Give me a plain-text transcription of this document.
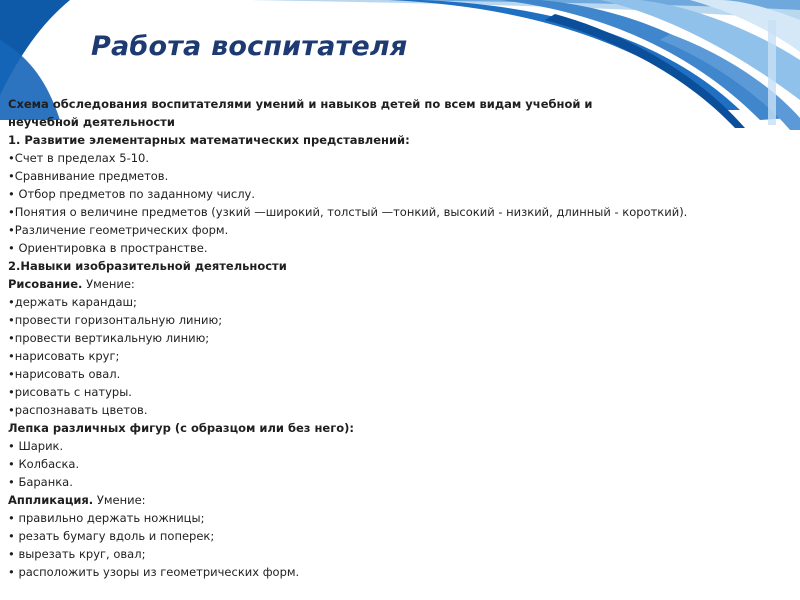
Работа воспитателя
Схема обследования воспитателями умений и навыков детей по всем видам учебной и
неучебной деятельности
1. Развитие элементарных математических представлений:
•Счет в пределах 5-10.
•Сравнивание предметов.
• Отбор предметов по заданному числу.
•Понятия о величине предметов (узкий —широкий, толстый —тонкий, высокий - низкий, длинный - короткий).
•Различение геометрических форм.
• Ориентировка в пространстве.
2.Навыки изобразительной деятельности
Рисование. Умение:
•держать карандаш;
•провести горизонтальную линию;
•провести вертикальную линию;
•нарисовать круг;
•нарисовать овал.
•рисовать с натуры.
•распознавать цветов.
Лепка различных фигур (с образцом или без него):
• Шарик.
• Колбаска.
• Баранка.
Аппликация. Умение:
• правильно держать ножницы;
• резать бумагу вдоль и поперек;
• вырезать круг, овал;
• расположить узоры из геометрических форм.
